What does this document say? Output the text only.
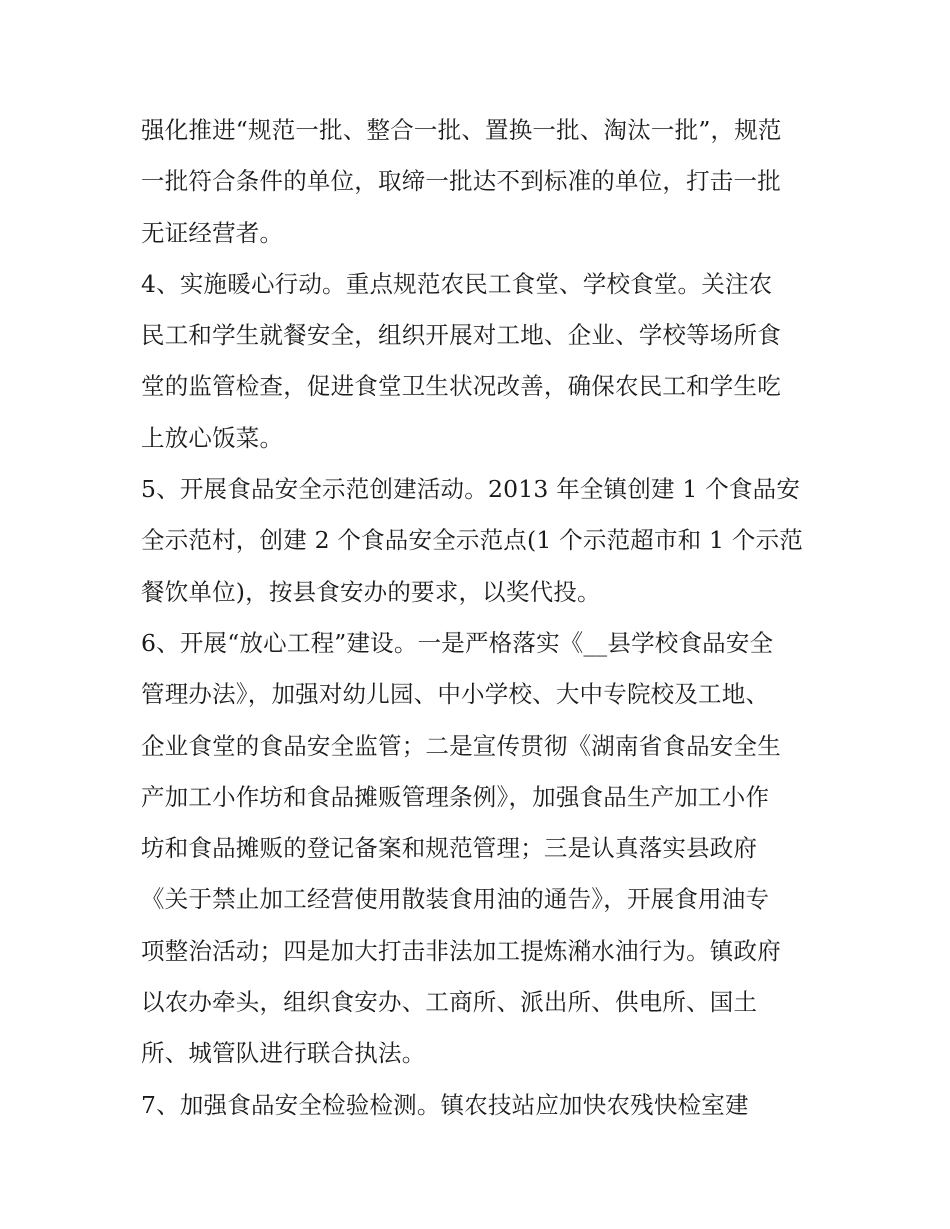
强化推进“规范一批、整合一批、置换一批、淘汰一批”，规范
一批符合条件的单位，取缔一批达不到标准的单位，打击一批
无证经营者。
4、实施暖心行动。重点规范农民工食堂、学校食堂。关注农
民工和学生就餐安全，组织开展对工地、企业、学校等场所食
堂的监管检查，促进食堂卫生状况改善，确保农民工和学生吃
上放心饭菜。
5、开展食品安全示范创建活动。2013 年全镇创建 1 个食品安
全示范村，创建 2 个食品安全示范点(1 个示范超市和 1 个示范
餐饮单位)，按县食安办的要求，以奖代投。
6、开展“放心工程”建设。一是严格落实《__县学校食品安全
管理办法》，加强对幼儿园、中小学校、大中专院校及工地、
企业食堂的食品安全监管；二是宣传贯彻《湖南省食品安全生
产加工小作坊和食品摊贩管理条例》，加强食品生产加工小作
坊和食品摊贩的登记备案和规范管理；三是认真落实县政府
《关于禁止加工经营使用散装食用油的通告》，开展食用油专
项整治活动；四是加大打击非法加工提炼潲水油行为。镇政府
以农办牵头，组织食安办、工商所、派出所、供电所、国土
所、城管队进行联合执法。
7、加强食品安全检验检测。镇农技站应加快农残快检室建
